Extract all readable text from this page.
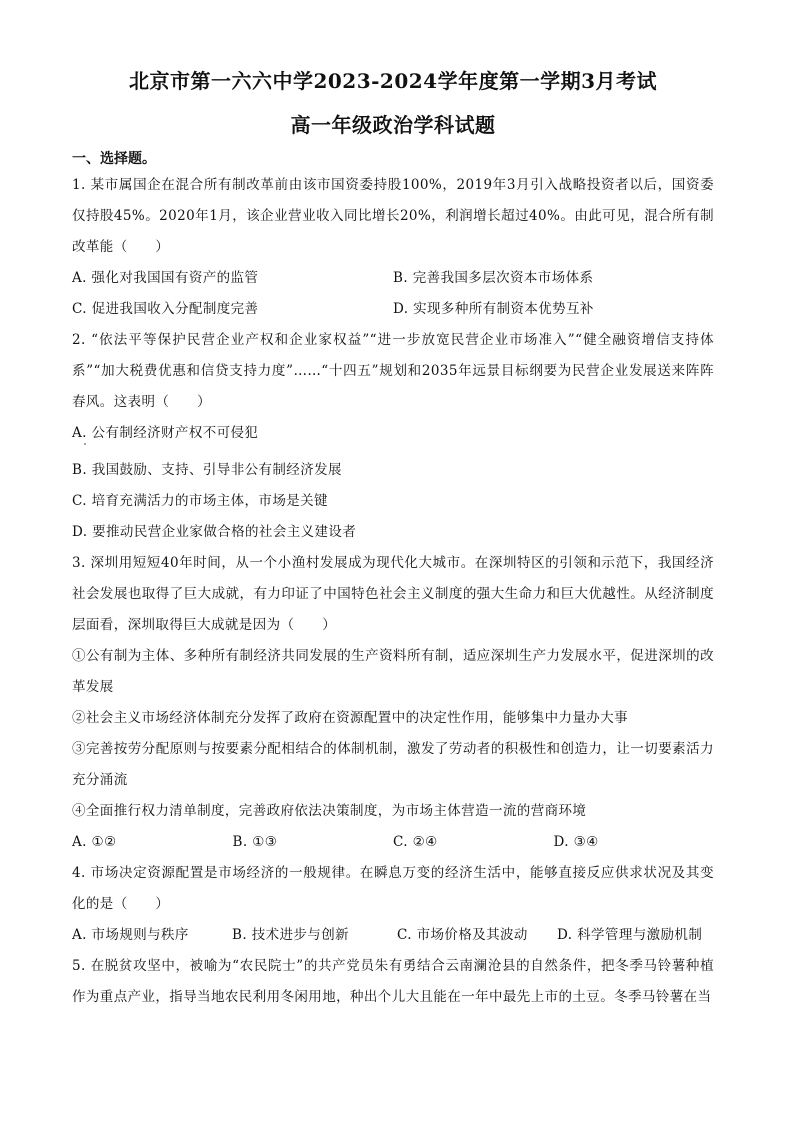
北京市第一六六中学2023-2024学年度第一学期3月考试
高一年级政治学科试题
一、选择题。

1. 某市属国企在混合所有制改革前由该市国资委持股100%，2019年3月引入战略投资者以后，国资委仅持股45%。2020年1月，该企业营业收入同比增长20%，利润增长超过40%。由此可见，混合所有制改革能（　　）

A. 强化对我国国有资产的监管	B. 完善我国多层次资本市场体系
C. 促进我国收入分配制度完善	D. 实现多种所有制资本优势互补

2. “依法平等保护民营企业产权和企业家权益”“进一步放宽民营企业市场准入”“健全融资增信支持体系”“加大税费优惠和信贷支持力度”……“十四五”规划和2035年远景目标纲要为民营企业发展送来阵阵春风。这表明（　　）

A. 公有制经济财产权不可侵犯
B. 我国鼓励、支持、引导非公有制经济发展
C. 培育充满活力的市场主体，市场是关键
D. 要推动民营企业家做合格的社会主义建设者

3. 深圳用短短40年时间，从一个小渔村发展成为现代化大城市。在深圳特区的引领和示范下，我国经济社会发展也取得了巨大成就，有力印证了中国特色社会主义制度的强大生命力和巨大优越性。从经济制度层面看，深圳取得巨大成就是因为（　　）

①公有制为主体、多种所有制经济共同发展的生产资料所有制，适应深圳生产力发展水平，促进深圳的改革发展

②社会主义市场经济体制充分发挥了政府在资源配置中的决定性作用，能够集中力量办大事

③完善按劳分配原则与按要素分配相结合的体制机制，激发了劳动者的积极性和创造力，让一切要素活力充分涌流

④全面推行权力清单制度，完善政府依法决策制度，为市场主体营造一流的营商环境

A. ①②	B. ①③	C. ②④	D. ③④

4. 市场决定资源配置是市场经济的一般规律。在瞬息万变的经济生活中，能够直接反应供求状况及其变化的是（　　）

A. 市场规则与秩序	B. 技术进步与创新	C. 市场价格及其波动	D. 科学管理与激励机制

5. 在脱贫攻坚中，被喻为“农民院士”的共产党员朱有勇结合云南澜沧县的自然条件，把冬季马铃薯种植作为重点产业，指导当地农民利用冬闲用地，种出个儿大且能在一年中最先上市的土豆。冬季马铃薯在当
